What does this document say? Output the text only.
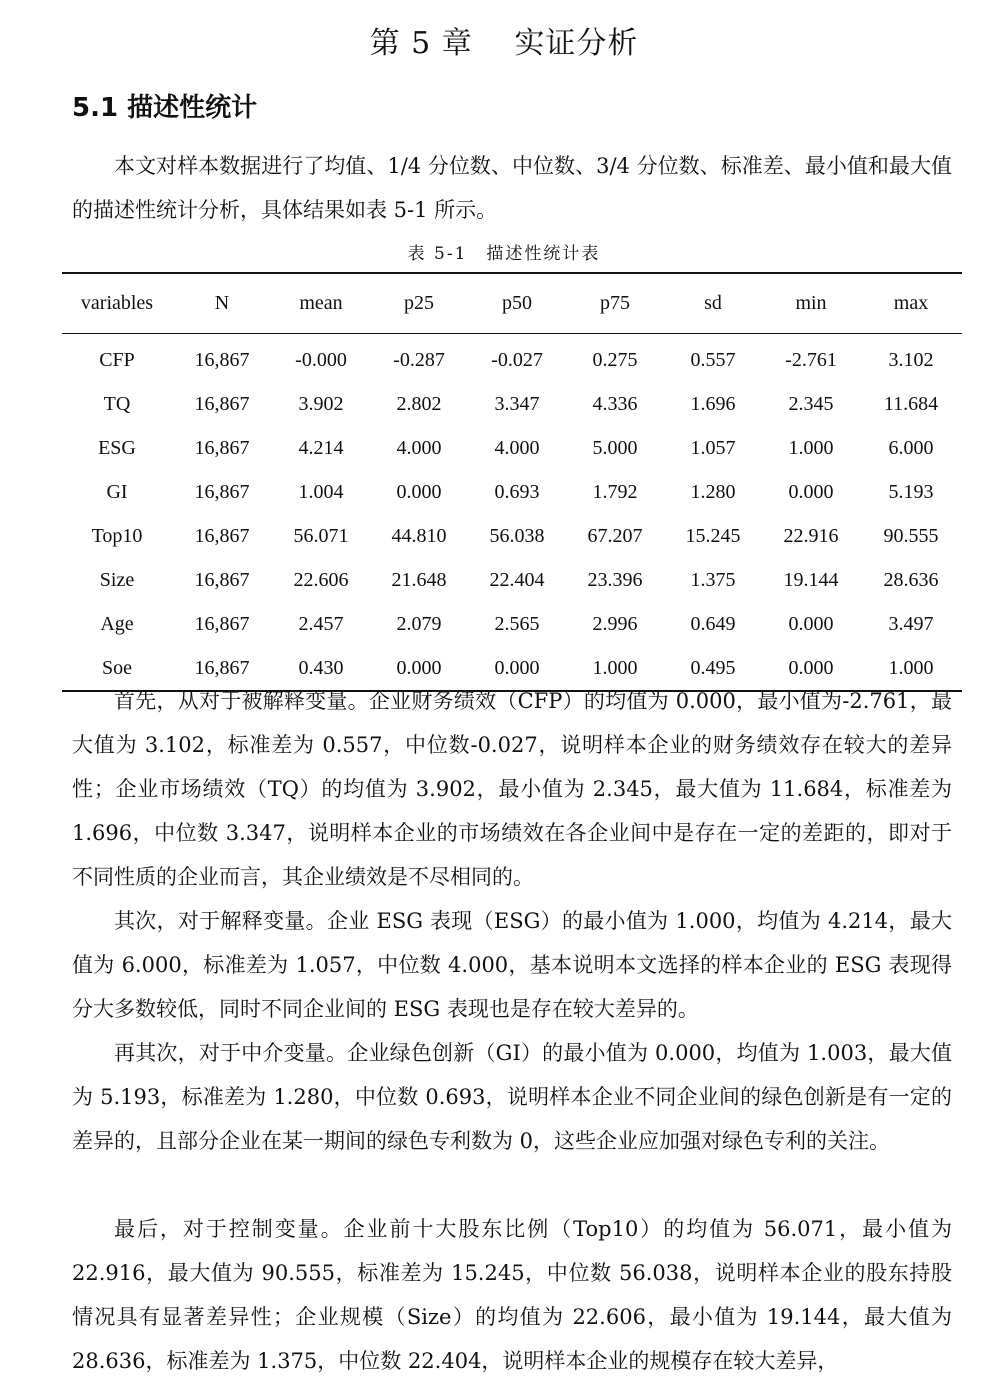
第 5 章　 实证分析
5.1 描述性统计

本文对样本数据进行了均值、1/4 分位数、中位数、3/4 分位数、标准差、最小值和最大值的描述性统计分析，具体结果如表 5-1 所示。

表 5-1　描述性统计表
variables	N	mean	p25	p50	p75	sd	min	max
CFP	16,867	-0.000	-0.287	-0.027	0.275	0.557	-2.761	3.102
TQ	16,867	3.902	2.802	3.347	4.336	1.696	2.345	11.684
ESG	16,867	4.214	4.000	4.000	5.000	1.057	1.000	6.000
GI	16,867	1.004	0.000	0.693	1.792	1.280	0.000	5.193
Top10	16,867	56.071	44.810	56.038	67.207	15.245	22.916	90.555
Size	16,867	22.606	21.648	22.404	23.396	1.375	19.144	28.636
Age	16,867	2.457	2.079	2.565	2.996	0.649	0.000	3.497
Soe	16,867	0.430	0.000	0.000	1.000	0.495	0.000	1.000

首先，从对于被解释变量。企业财务绩效（CFP）的均值为 0.000，最小值为-2.761，最大值为 3.102，标准差为 0.557，中位数-0.027，说明样本企业的财务绩效存在较大的差异性；企业市场绩效（TQ）的均值为 3.902，最小值为 2.345，最大值为 11.684，标准差为 1.696，中位数 3.347，说明样本企业的市场绩效在各企业间中是存在一定的差距的，即对于不同性质的企业而言，其企业绩效是不尽相同的。

其次，对于解释变量。企业 ESG 表现（ESG）的最小值为 1.000，均值为 4.214，最大值为 6.000，标准差为 1.057，中位数 4.000，基本说明本文选择的样本企业的 ESG 表现得分大多数较低，同时不同企业间的 ESG 表现也是存在较大差异的。

再其次，对于中介变量。企业绿色创新（GI）的最小值为 0.000，均值为 1.003，最大值为 5.193，标准差为 1.280，中位数 0.693，说明样本企业不同企业间的绿色创新是有一定的差异的，且部分企业在某一期间的绿色专利数为 0，这些企业应加强对绿色专利的关注。

最后，对于控制变量。企业前十大股东比例（Top10）的均值为 56.071，最小值为 22.916，最大值为 90.555，标准差为 15.245，中位数 56.038，说明样本企业的股东持股情况具有显著差异性；企业规模（Size）的均值为 22.606，最小值为 19.144，最大值为 28.636，标准差为 1.375，中位数 22.404，说明样本企业的规模存在较大差异，
